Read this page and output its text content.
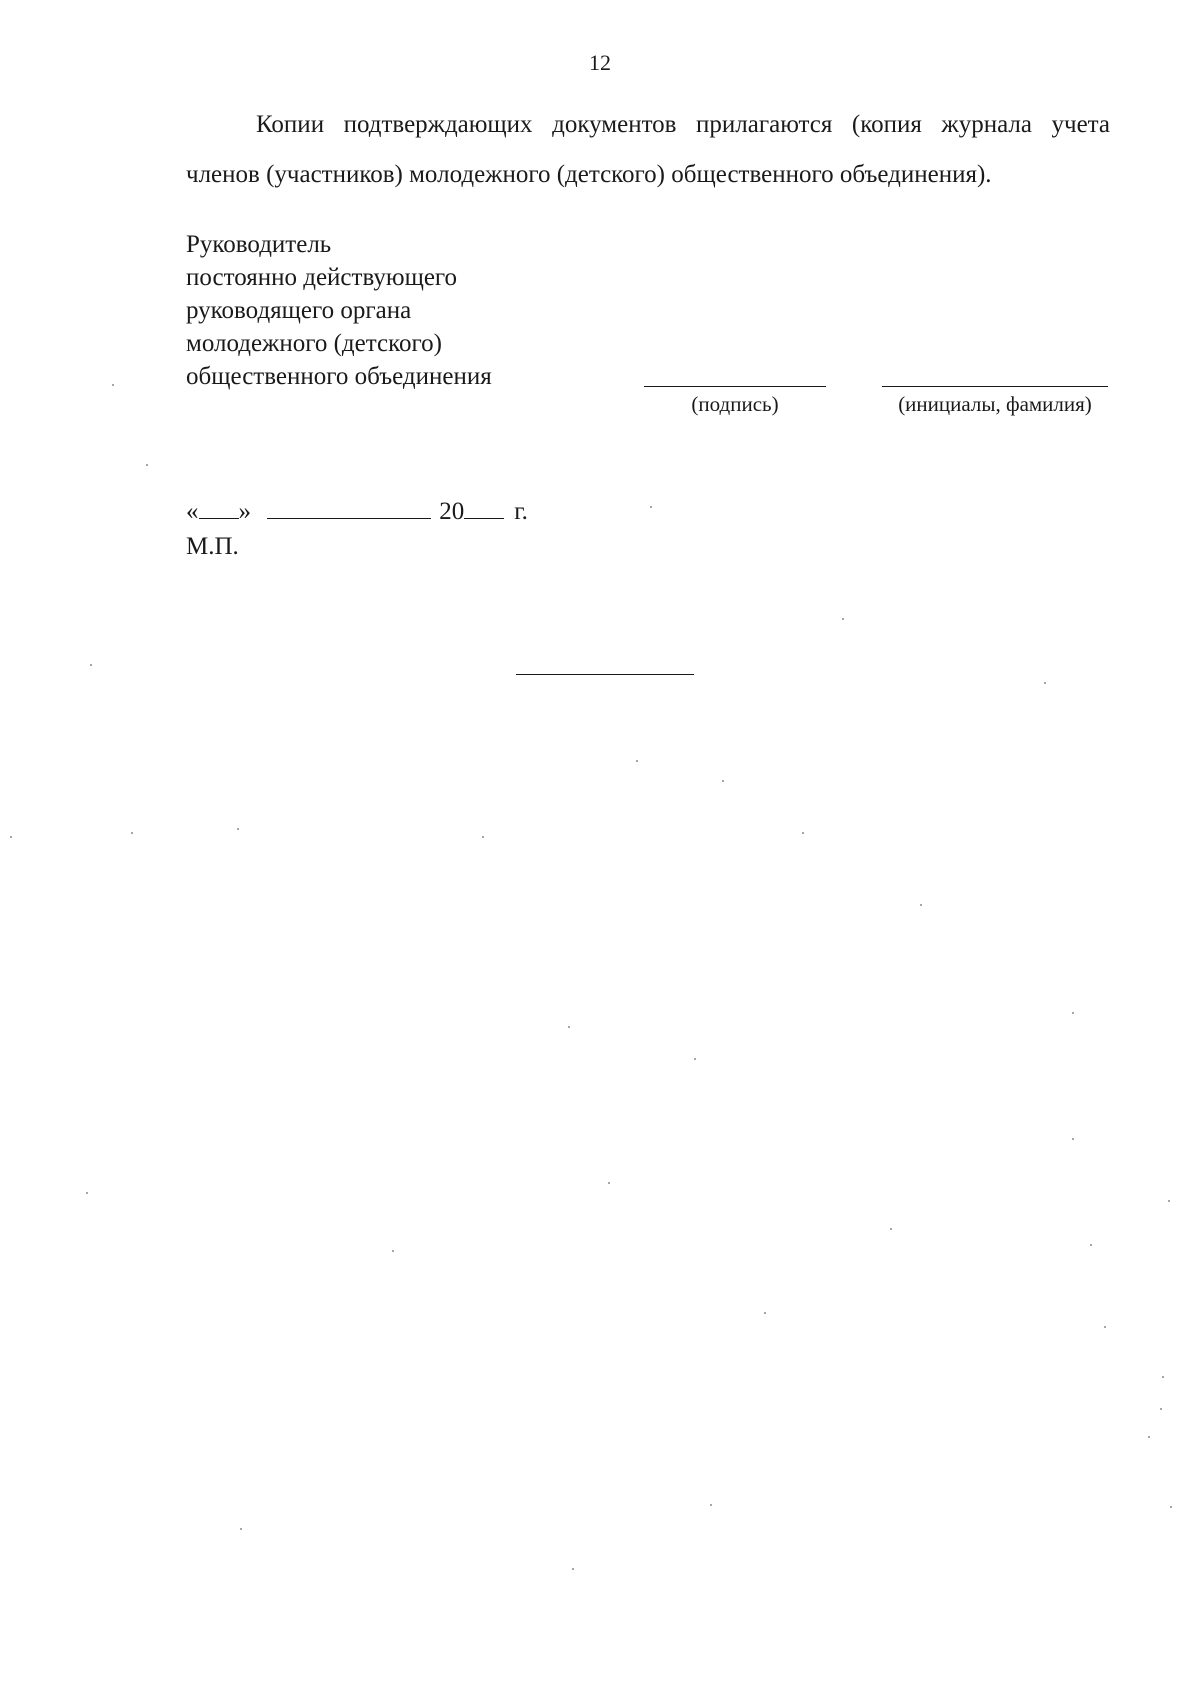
12

Копии подтверждающих документов прилагаются (копия журнала учета членов (участников) молодежного (детского) общественного объединения).

Руководитель
постоянно действующего
руководящего органа
молодежного (детского)
общественного объединения
(подпись)	(инициалы, фамилия)
« »	20 г.
М.П.
